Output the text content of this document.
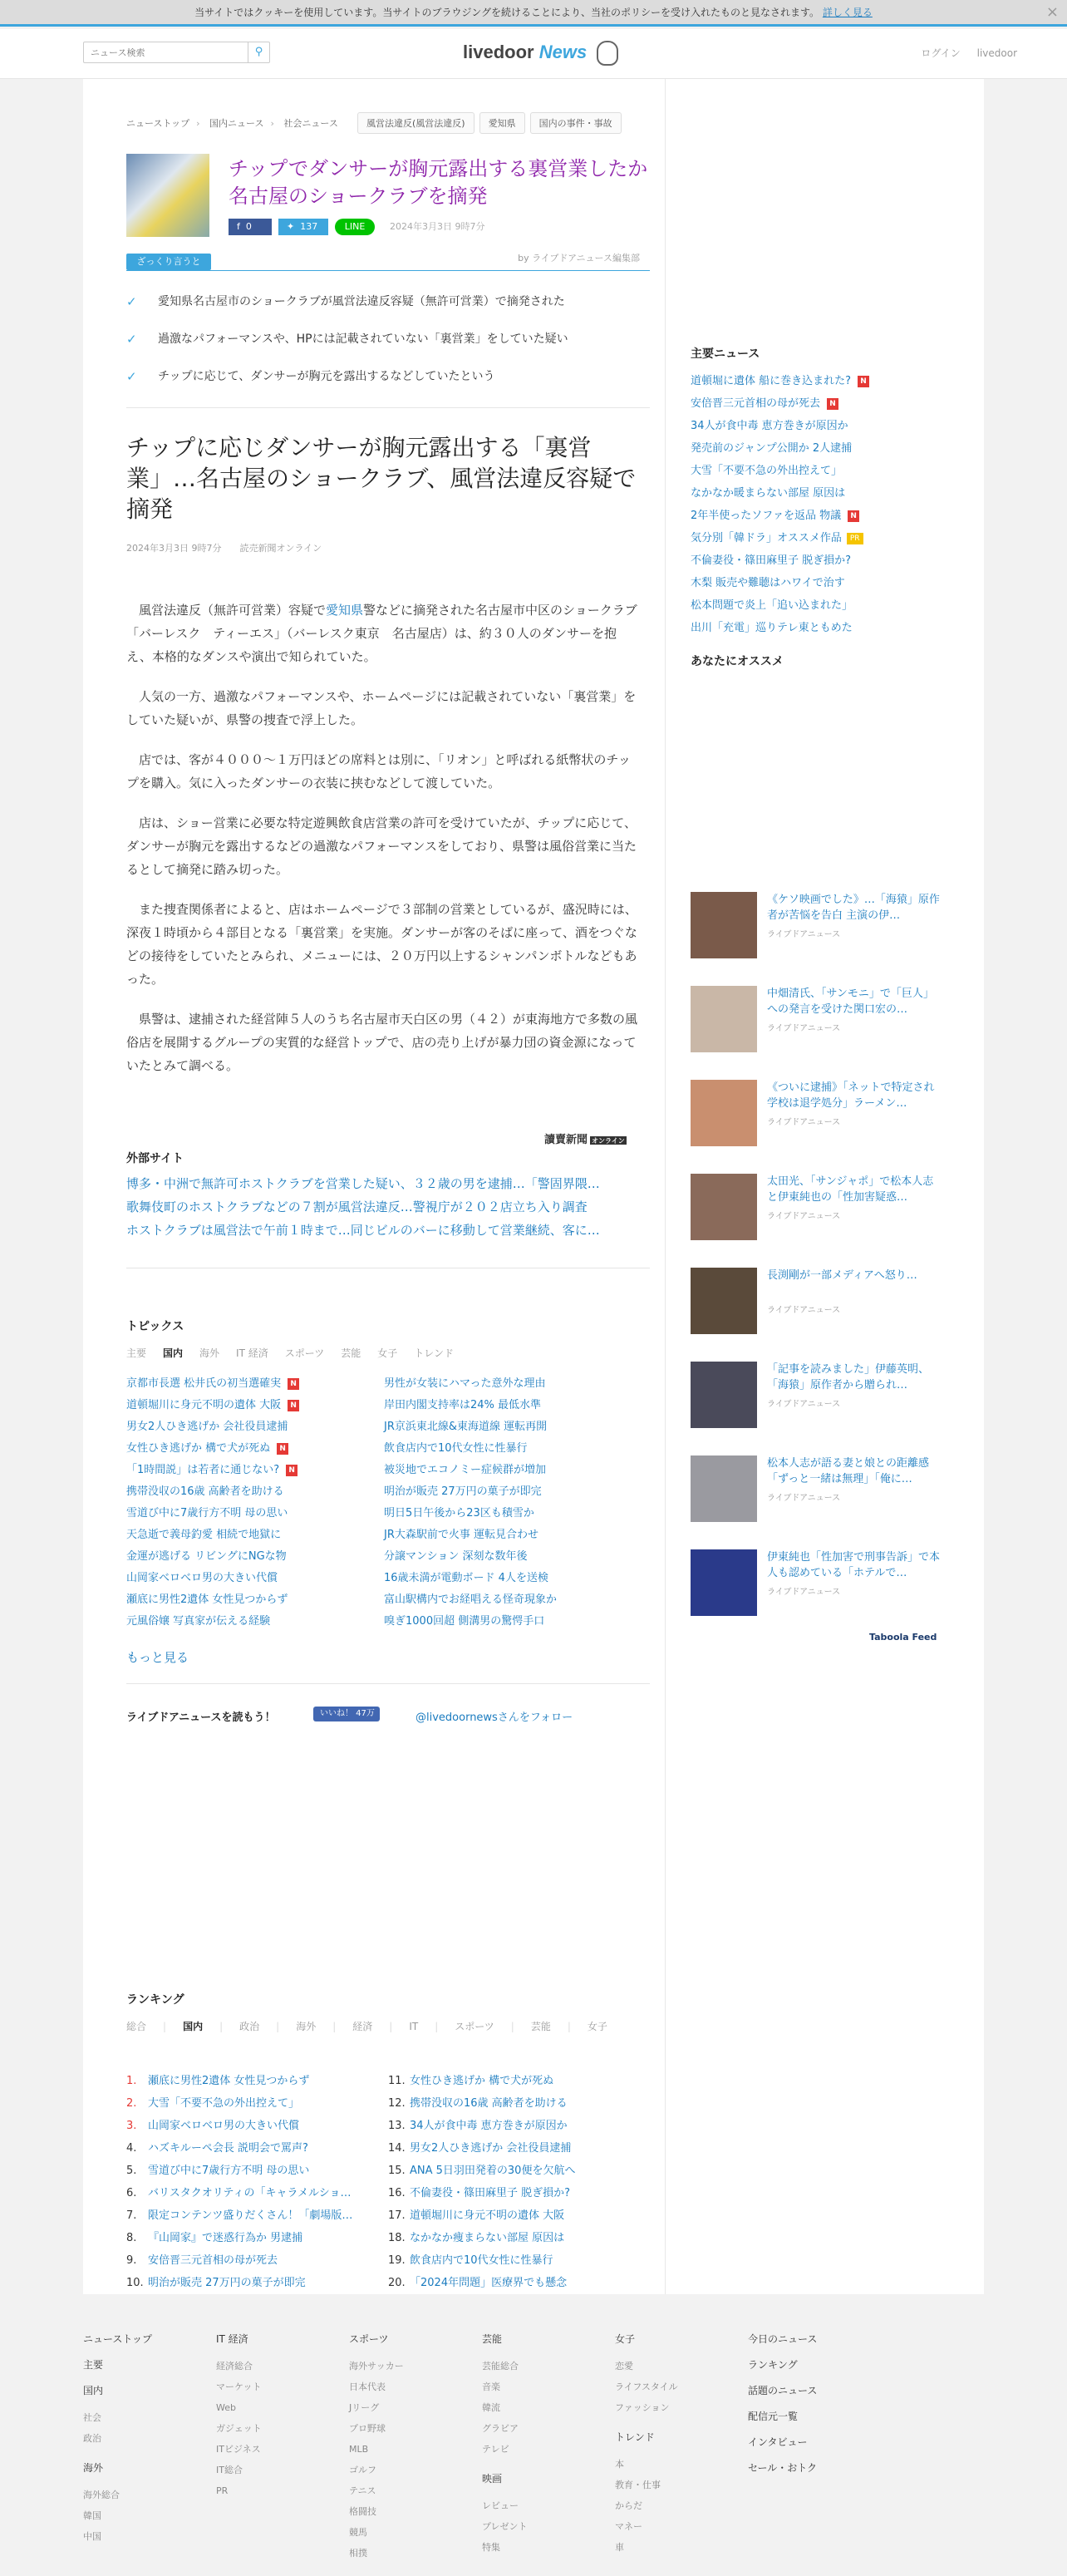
当サイトではクッキーを使用しています。当サイトのブラウジングを続けることにより、当社のポリシーを受け入れたものと見なされます。 詳しく見る	×
ニュース検索
⚲	livedoor News	ログイン livedoor
ニューストップ › 国内ニュース › 社会ニュース	風営法違反(風営法違反)	愛知県	国内の事件・事故
チップでダンサーが胸元露出する裏営業したか 名古屋のショークラブを摘発
f  0	✦  137	LINE	2024年3月3日 9時7分
by ライブドアニュース編集部
ざっくり言うと
✓ 愛知県名古屋市のショークラブが風営法違反容疑（無許可営業）で摘発された
✓ 過激なパフォーマンスや、HPには記載されていない「裏営業」をしていた疑い
✓ チップに応じて、ダンサーが胸元を露出するなどしていたという
チップに応じダンサーが胸元露出する「裏営業」…名古屋のショークラブ、風営法違反容疑で摘発
2024年3月3日 9時7分　　 読売新聞オンライン

風営法違反（無許可営業）容疑で愛知県警などに摘発された名古屋市中区のショークラブ「バーレスク　ティーエス」（バーレスク東京　名古屋店）は、約３０人のダンサーを抱え、本格的なダンスや演出で知られていた。

人気の一方、過激なパフォーマンスや、ホームページには記載されていない「裏営業」をしていた疑いが、県警の捜査で浮上した。

店では、客が４０００～１万円ほどの席料とは別に、「リオン」と呼ばれる紙幣状のチップを購入。気に入ったダンサーの衣装に挟むなどして渡していた。

店は、ショー営業に必要な特定遊興飲食店営業の許可を受けていたが、チップに応じて、ダンサーが胸元を露出するなどの過激なパフォーマンスをしており、県警は風俗営業に当たるとして摘発に踏み切った。

また捜査関係者によると、店はホームページで３部制の営業としているが、盛況時には、深夜１時頃から４部目となる「裏営業」を実施。ダンサーが客のそばに座って、酒をつぐなどの接待をしていたとみられ、メニューには、２０万円以上するシャンパンボトルなどもあった。

県警は、逮捕された経営陣５人のうち名古屋市天白区の男（４２）が東海地方で多数の風俗店を展開するグループの実質的な経営トップで、店の売り上げが暴力団の資金源になっていたとみて調べる。

讀賣新聞 オンライン
外部サイト
博多・中洲で無許可ホストクラブを営業した疑い、３２歳の男を逮捕…「警固界隈…
歌舞伎町のホストクラブなどの７割が風営法違反…警視庁が２０２店立ち入り調査
ホストクラブは風営法で午前１時まで…同じビルのバーに移動して営業継続、客に…
トピックス
主要 国内 海外 IT 経済 スポーツ 芸能 女子 トレンド
京都市長選 松井氏の初当選確実 N
道頓堀川に身元不明の遺体 大阪 N
男女2人ひき逃げか 会社役員逮捕
女性ひき逃げか 構で犬が死ぬ N
「1時間説」は若者に通じない? N
携帯没収の16歳 高齢者を助ける
雪道び中に7歳行方不明 母の思い
天急逝で義母釣愛 相続で地獄に
金運が逃げる リビングにNGな物
山岡家ベロベロ男の大きい代償
瀬底に男性2遺体 女性見つからず
元風俗嬢 写真家が伝える経験
男性が女装にハマった意外な理由
岸田内閣支持率は24% 最低水準
JR京浜東北線&東海道線 運転再開
飲食店内で10代女性に性暴行
被災地でエコノミー症候群が増加
明治が販売 27万円の菓子が即完
明日5日午後から23区も積雪か
JR大森駅前で火事 運転見合わせ
分譲マンション 深刻な数年後
16歳未満が電動ボード 4人を送検
富山駅構内でお経唱える怪奇現象か
嗅ぎ1000回超 側溝男の驚愕手口
もっと見る
ライブドアニュースを読もう！	いいね！ 47万	@livedoornewsさんをフォロー
ランキング
総合 | 国内 | 政治 | 海外 | 経済 | IT | スポーツ | 芸能 | 女子
1. 瀬底に男性2遺体 女性見つからず
2. 大雪「不要不急の外出控えて」
3. 山岡家ベロベロ男の大きい代償
4. ハズキルーペ会長 説明会で罵声?
5. 雪道び中に7歳行方不明 母の思い
6. バリスタクオリティの「キャラメルショ…
7. 限定コンテンツ盛りだくさん！「劇場版…
8. 『山岡家』で迷惑行為か 男逮捕
9. 安倍晋三元首相の母が死去
10. 明治が販売 27万円の菓子が即完
11. 女性ひき逃げか 構で犬が死ぬ
12. 携帯没収の16歳 高齢者を助ける
13. 34人が食中毒 恵方巻きが原因か
14. 男女2人ひき逃げか 会社役員逮捕
15. ANA 5日羽田発着の30便を欠航へ
16. 不倫妻役・篠田麻里子 脱ぎ損か?
17. 道頓堀川に身元不明の遺体 大阪
18. なかなか痩まらない部屋 原因は
19. 飲食店内で10代女性に性暴行
20. 「2024年問題」医療界でも懸念
主要ニュース
道頓堀に遺体 船に巻き込まれた? N
安倍晋三元首相の母が死去 N
34人が食中毒 恵方巻きが原因か
発売前のジャンプ公開か 2人逮捕
大雪「不要不急の外出控えて」
なかなか暖まらない部屋 原因は
2年半使ったソファを返品 物議 N
気分別「韓ドラ」オススメ作品 PR
不倫妻役・篠田麻里子 脱ぎ損か?
木梨 販売や難聴はハワイで治す
松本問題で炎上「追い込まれた」
出川「充電」巡りテレ東ともめた
あなたにオススメ
《ケソ映画でした》…「海猿」原作者が苦悩を告白 主演の伊…
ライブドアニュース
中畑清氏、「サンモニ」で「巨人」への発言を受けた関口宏の…
ライブドアニュース
《ついに逮捕》「ネットで特定され学校は退学処分」ラーメン…
ライブドアニュース
太田光、「サンジャポ」で松本人志と伊東純也の「性加害疑惑…
ライブドアニュース
長渕剛が一部メディアへ怒り…
ライブドアニュース
「記事を読みました」伊藤英明、「海猿」原作者から贈られ…
ライブドアニュース
松本人志が語る妻と娘との距離感「ずっと一緒は無理」「俺に…
ライブドアニュース
伊東純也「性加害で刑事告訴」で本人も認めている「ホテルで…
ライブドアニュース
Taboola Feed
ニューストップ
主要
国内
社会
政治
海外
海外総合
韓国
中国
IT 経済
経済総合
マーケット
Web
ガジェット
ITビジネス
IT総合
PR
スポーツ
海外サッカー
日本代表
Jリーグ
プロ野球
MLB
ゴルフ
テニス
格闘技
競馬
相撲
芸能
芸能総合
音楽
韓流
グラビア
テレビ
映画
レビュー
プレゼント
特集
女子
恋愛
ライフスタイル
ファッション
トレンド
本
教育・仕事
からだ
マネー
車
今日のニュース
ランキング
話題のニュース
配信元一覧
インタビュー
セール・おトク
